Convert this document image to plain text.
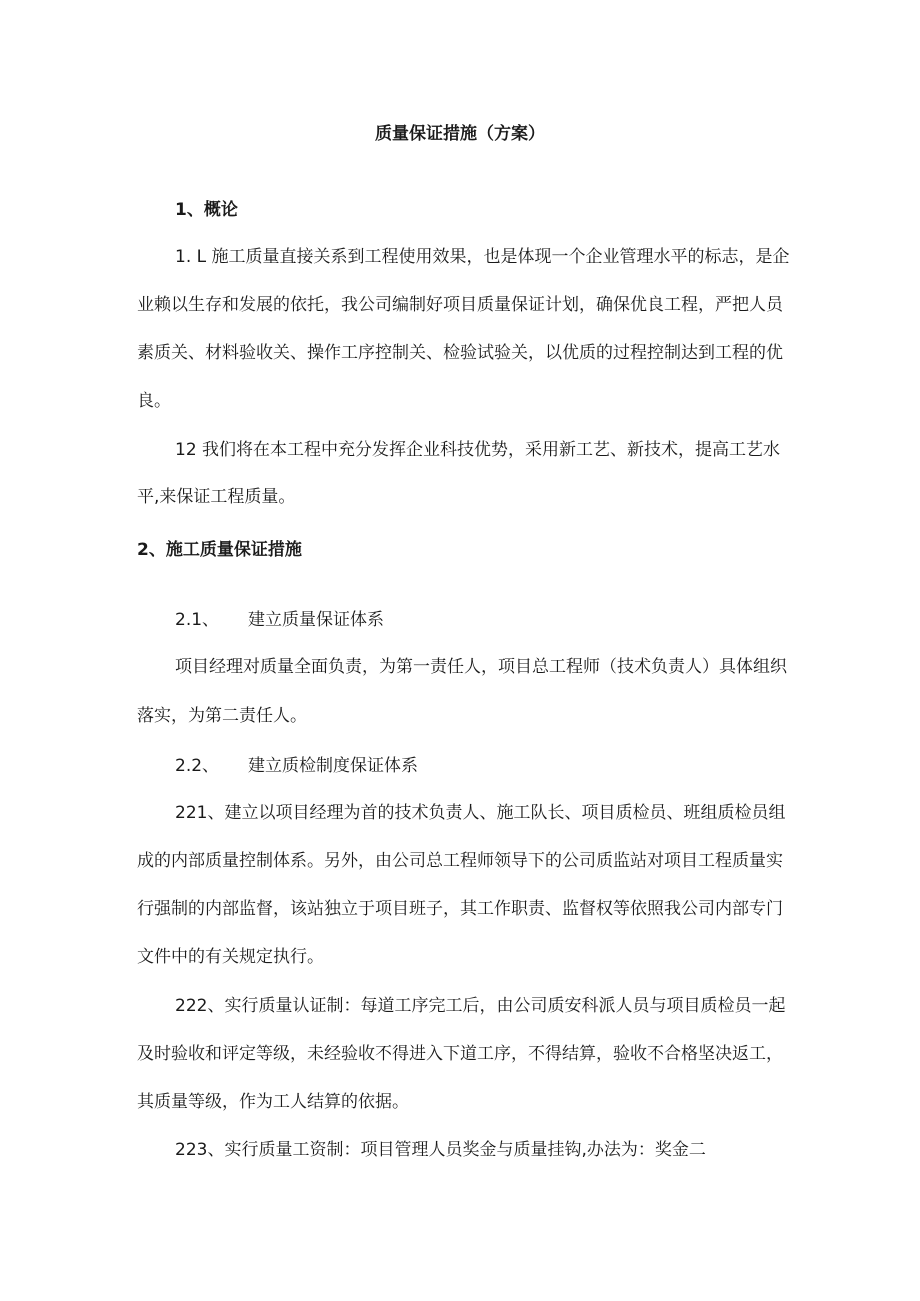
质量保证措施（方案）
1、概论
1. L 施工质量直接关系到工程使用效果，也是体现一个企业管理水平的标志，是企
业赖以生存和发展的依托，我公司编制好项目质量保证计划，确保优良工程，严把人员
素质关、材料验收关、操作工序控制关、检验试验关，以优质的过程控制达到工程的优
良。
12 我们将在本工程中充分发挥企业科技优势，采用新工艺、新技术，提高工艺水
平,来保证工程质量。
2、施工质量保证措施
2.1、 建立质量保证体系
项目经理对质量全面负责，为第一责任人，项目总工程师（技术负责人）具体组织
落实，为第二责任人。
2.2、 建立质检制度保证体系
221、建立以项目经理为首的技术负责人、施工队长、项目质检员、班组质检员组
成的内部质量控制体系。另外，由公司总工程师领导下的公司质监站对项目工程质量实
行强制的内部监督，该站独立于项目班子，其工作职责、监督权等依照我公司内部专门
文件中的有关规定执行。
222、实行质量认证制：每道工序完工后，由公司质安科派人员与项目质检员一起
及时验收和评定等级，未经验收不得进入下道工序，不得结算，验收不合格坚决返工，
其质量等级，作为工人结算的依据。
223、实行质量工资制：项目管理人员奖金与质量挂钩,办法为：奖金二
